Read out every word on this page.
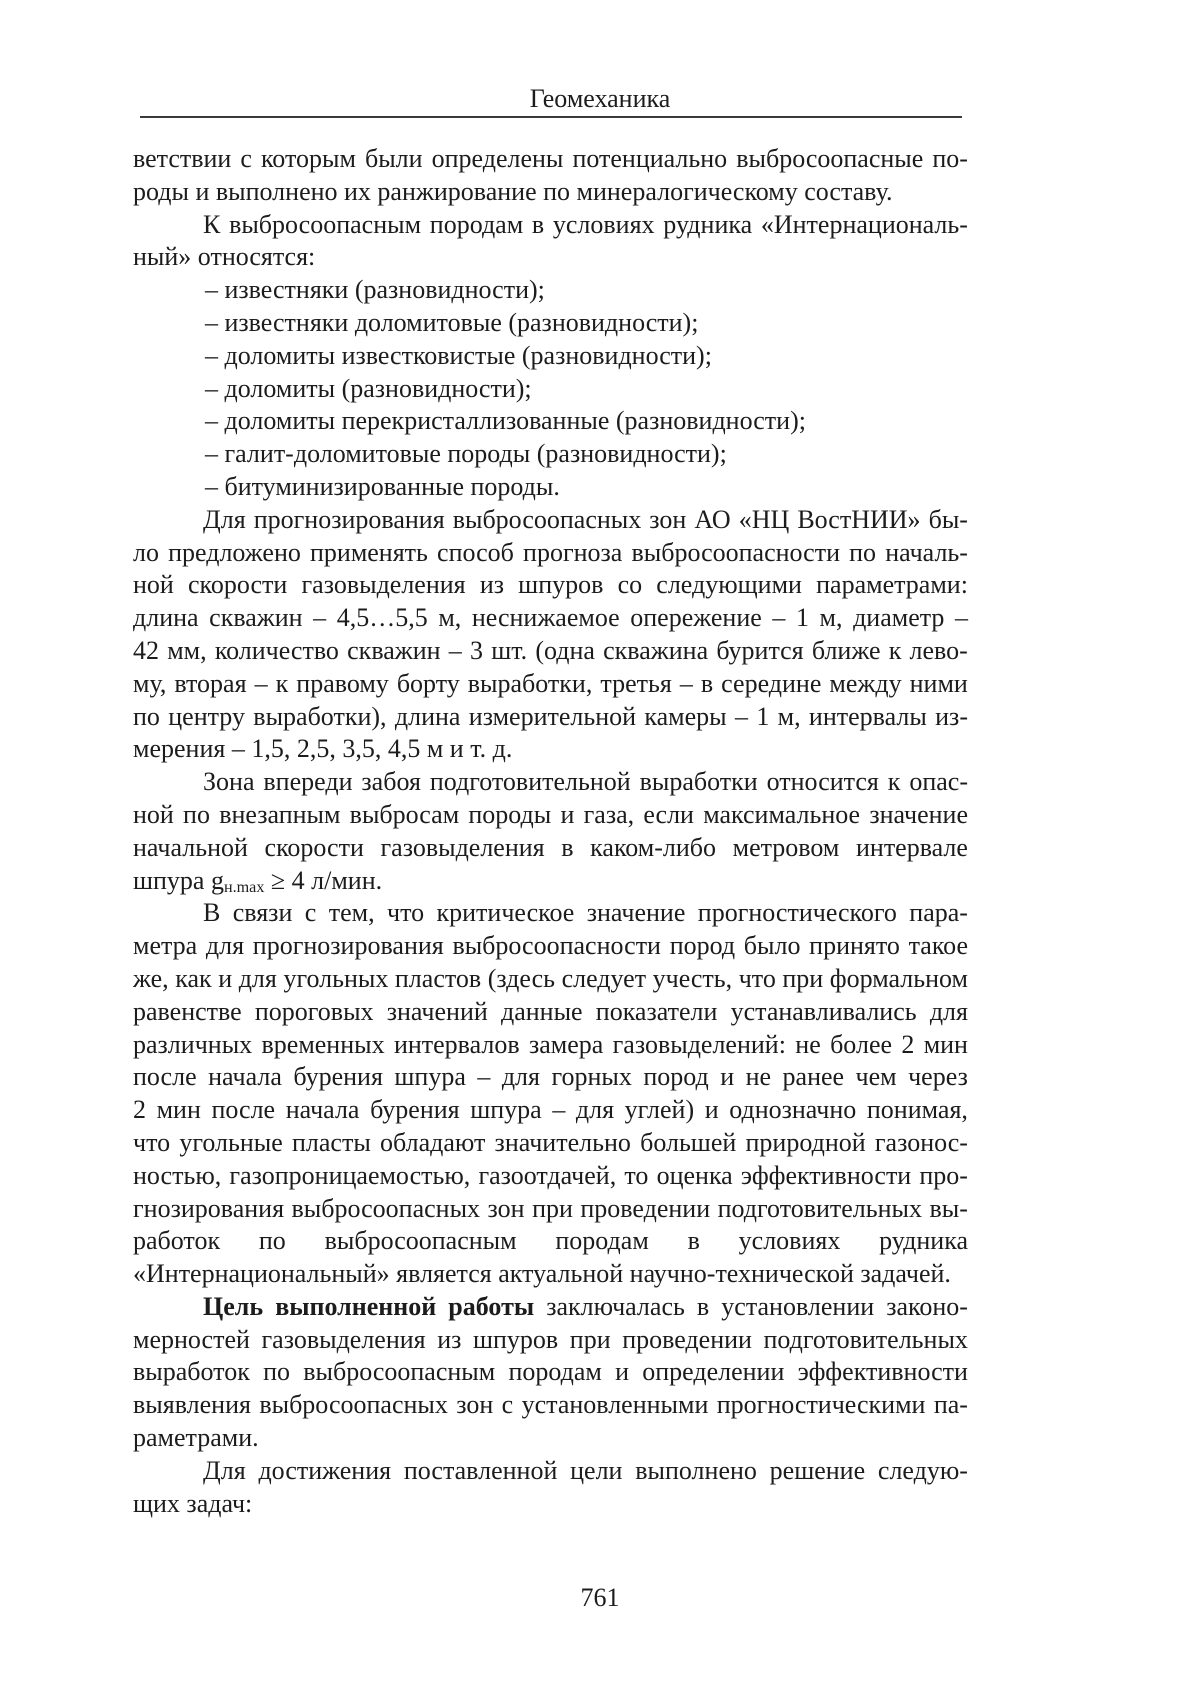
Геомеханика
ветствии с которым были определены потенциально выбросоопасные по-
роды и выполнено их ранжирование по минералогическому составу.
К выбросоопасным породам в условиях рудника «Интернациональ-
ный» относятся:
– известняки (разновидности);
– известняки доломитовые (разновидности);
– доломиты известковистые (разновидности);
– доломиты (разновидности);
– доломиты перекристаллизованные (разновидности);
– галит-доломитовые породы (разновидности);
– битуминизированные породы.
Для прогнозирования выбросоопасных зон АО «НЦ ВостНИИ» бы-
ло предложено применять способ прогноза выбросоопасности по началь-
ной скорости газовыделения из шпуров со следующими параметрами:
длина скважин – 4,5…5,5 м, неснижаемое опережение – 1 м, диаметр –
42 мм, количество скважин – 3 шт. (одна скважина бурится ближе к лево-
му, вторая – к правому борту выработки, третья – в середине между ними
по центру выработки), длина измерительной камеры – 1 м, интервалы из-
мерения – 1,5, 2,5, 3,5, 4,5 м и т. д.
Зона впереди забоя подготовительной выработки относится к опас-
ной по внезапным выбросам породы и газа, если максимальное значение
начальной скорости газовыделения в каком-либо метровом интервале
шпура gн.max ≥ 4 л/мин.
В связи с тем, что критическое значение прогностического пара-
метра для прогнозирования выбросоопасности пород было принято такое
же, как и для угольных пластов (здесь следует учесть, что при формальном
равенстве пороговых значений данные показатели устанавливались для
различных временных интервалов замера газовыделений: не более 2 мин
после начала бурения шпура – для горных пород и не ранее чем через
2 мин после начала бурения шпура – для углей) и однозначно понимая,
что угольные пласты обладают значительно большей природной газонос-
ностью, газопроницаемостью, газоотдачей, то оценка эффективности про-
гнозирования выбросоопасных зон при проведении подготовительных вы-
работок по выбросоопасным породам в условиях рудника
«Интернациональный» является актуальной научно-технической задачей.
Цель выполненной работы заключалась в установлении законо-
мерностей газовыделения из шпуров при проведении подготовительных
выработок по выбросоопасным породам и определении эффективности
выявления выбросоопасных зон с установленными прогностическими па-
раметрами.
Для достижения поставленной цели выполнено решение следую-
щих задач:
761
